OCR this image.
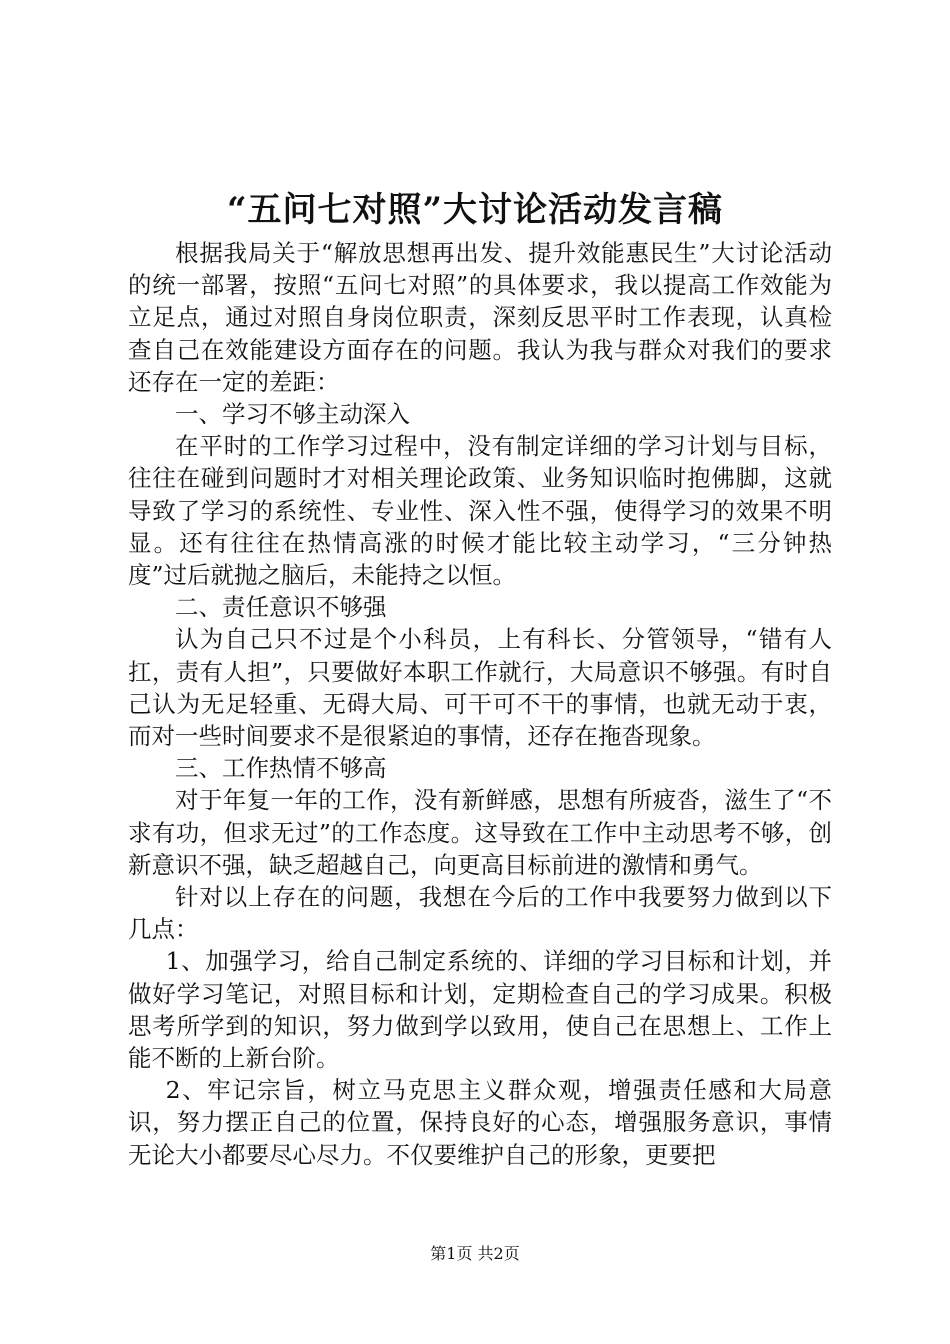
“五问七对照”大讨论活动发言稿

根据我局关于“解放思想再出发、提升效能惠民生”大讨论活动的统一部署，按照“五问七对照”的具体要求，我以提高工作效能为立足点，通过对照自身岗位职责，深刻反思平时工作表现，认真检查自己在效能建设方面存在的问题。我认为我与群众对我们的要求还存在一定的差距：

一、学习不够主动深入

在平时的工作学习过程中，没有制定详细的学习计划与目标，往往在碰到问题时才对相关理论政策、业务知识临时抱佛脚，这就导致了学习的系统性、专业性、深入性不强，使得学习的效果不明显。还有往往在热情高涨的时候才能比较主动学习，“三分钟热度”过后就抛之脑后，未能持之以恒。

二、责任意识不够强

认为自己只不过是个小科员，上有科长、分管领导，“错有人扛，责有人担”，只要做好本职工作就行，大局意识不够强。有时自己认为无足轻重、无碍大局、可干可不干的事情，也就无动于衷，而对一些时间要求不是很紧迫的事情，还存在拖沓现象。

三、工作热情不够高

对于年复一年的工作，没有新鲜感，思想有所疲沓，滋生了“不求有功，但求无过”的工作态度。这导致在工作中主动思考不够，创新意识不强，缺乏超越自己，向更高目标前进的激情和勇气。

针对以上存在的问题，我想在今后的工作中我要努力做到以下几点：

1、加强学习，给自己制定系统的、详细的学习目标和计划，并做好学习笔记，对照目标和计划，定期检查自己的学习成果。积极思考所学到的知识，努力做到学以致用，使自己在思想上、工作上能不断的上新台阶。

2、牢记宗旨，树立马克思主义群众观，增强责任感和大局意识，努力摆正自己的位置，保持良好的心态，增强服务意识，事情无论大小都要尽心尽力。不仅要维护自己的形象，更要把

第1页 共2页
